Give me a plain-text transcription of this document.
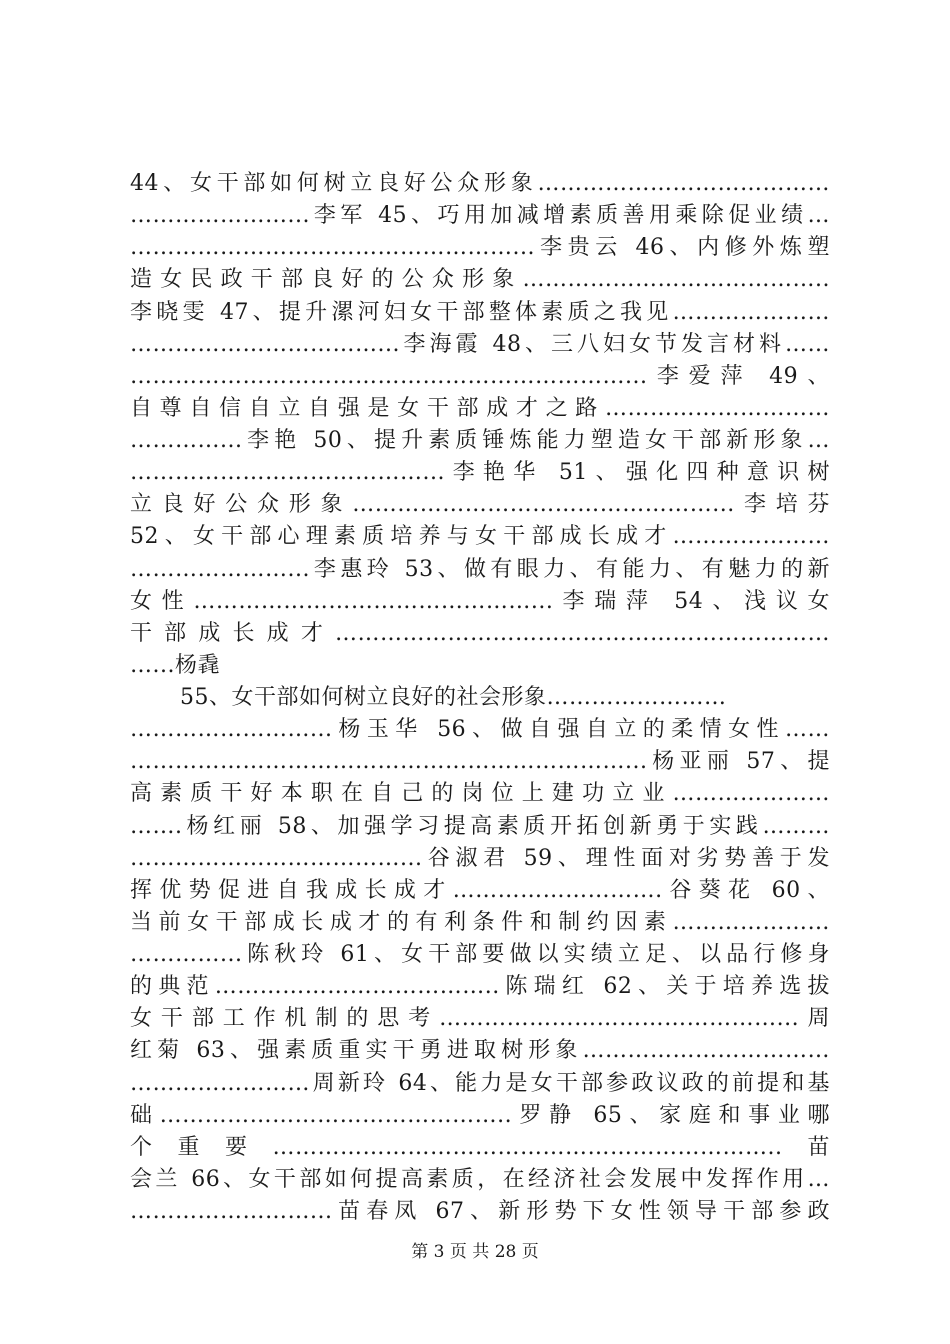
44、女干部如何树立良好公众形象…………………………………
…………………...李军 45、巧用加减增素质善用乘除促业绩…
……………………………………………...李贵云 46、内修外炼塑
造女民政干部良好的公众形象…………………………………..
李晓雯 47、提升漯河妇女干部整体素质之我见…………………
……………………………...李海霞 48、三八妇女节发言材料……
…………………………………………………………...李爱萍 49、
自尊自信自立自强是女干部成才之路…………………………
…………...李艳 50、提升素质锤炼能力塑造女干部新形象…
…………………………………...李艳华 51、强化四种意识树
立良好公众形象…………………………………………...李培芬
52、女干部心理素质培养与女干部成长成才…………………
…………………...李惠玲 53、做有眼力、有能力、有魅力的新
女性………………………………………...李瑞萍 54、浅议女
干部成长成才…………………………………………………………
…...杨毳
55、女干部如何树立良好的社会形象……………………
……………………...杨玉华 56、做自强自立的柔情女性……
…………………………………………………………...杨亚丽 57、提
高素质干好本职在自己的岗位上建功立业…………………
…….杨红丽 58、加强学习提高素质开拓创新勇于实践………
………………………………...谷淑君 59、理性面对劣势善于发
挥优势促进自我成长成才……………………….谷葵花 60、
当前女干部成长成才的有利条件和制约因素…………………
…………...陈秋玲 61、女干部要做以实绩立足、以品行修身
的典范………………………………..陈瑞红 62、关于培养选拔
女干部工作机制的思考………………………………………...周
红菊 63、强素质重实干勇进取树形象……………………………
……………………周新玲 64、能力是女干部参政议政的前提和基
础………………………………………..罗静 65、家庭和事业哪
个重要…………………………………………………………..苗
会兰 66、女干部如何提高素质，在经济社会发展中发挥作用…
……………………...苗春凤 67、新形势下女性领导干部参政
第 3 页 共 28 页
